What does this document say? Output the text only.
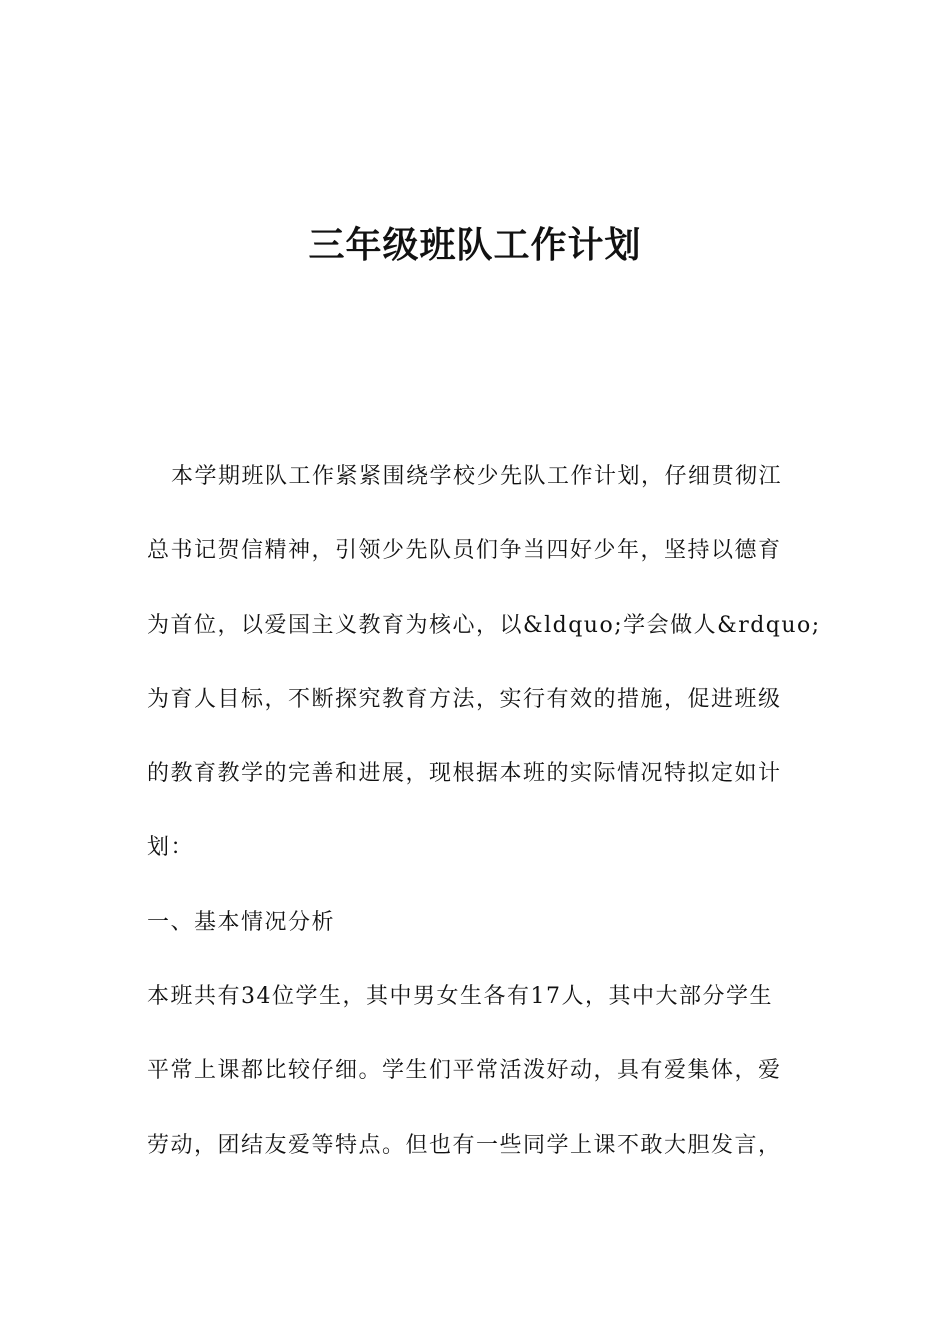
三年级班队工作计划
本学期班队工作紧紧围绕学校少先队工作计划，仔细贯彻江
总书记贺信精神，引领少先队员们争当四好少年，坚持以德育
为首位，以爱国主义教育为核心，以&ldquo;学会做人&rdquo;
为育人目标，不断探究教育方法，实行有效的措施，促进班级
的教育教学的完善和进展，现根据本班的实际情况特拟定如计
划：
一、基本情况分析
本班共有34位学生，其中男女生各有17人，其中大部分学生
平常上课都比较仔细。学生们平常活泼好动，具有爱集体，爱
劳动，团结友爱等特点。但也有一些同学上课不敢大胆发言，
